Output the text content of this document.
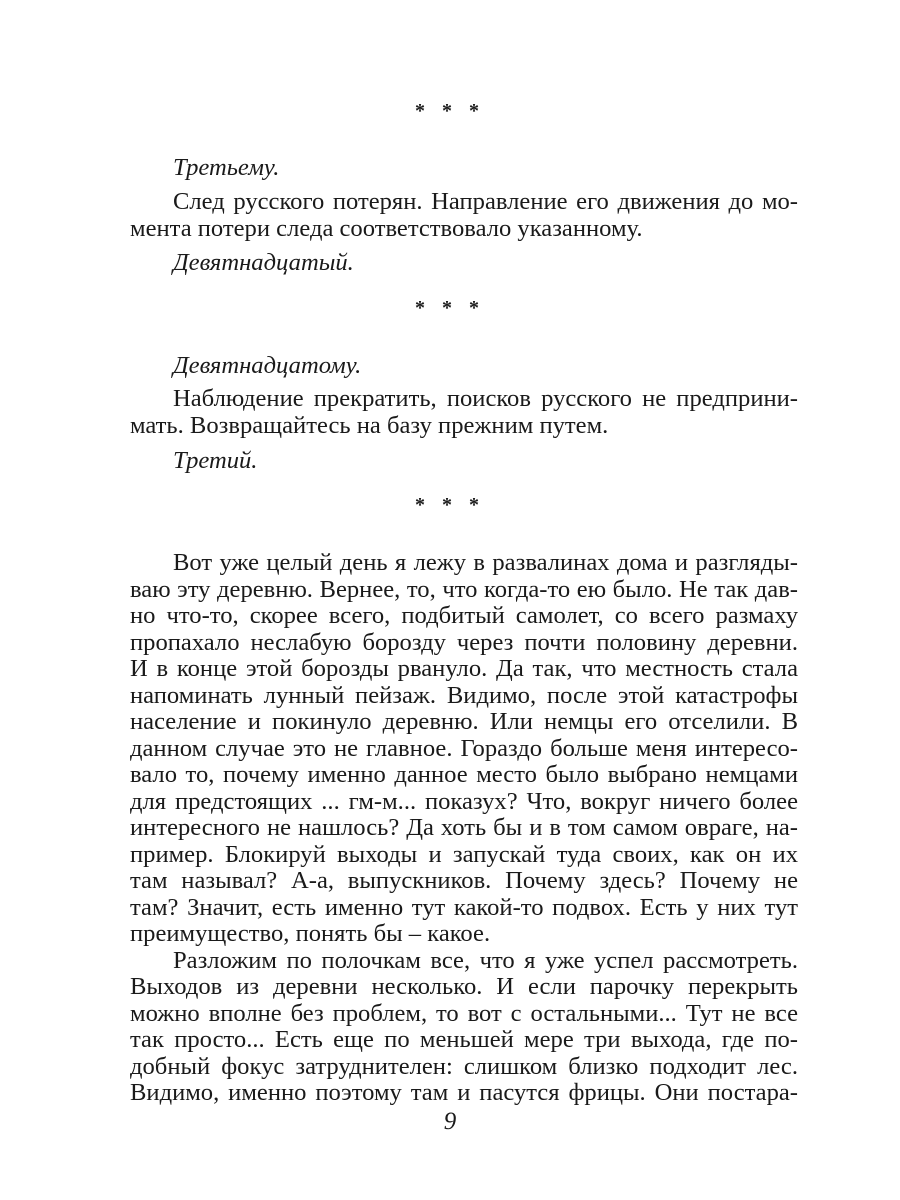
* * *
Третьему.
След русского потерян. Направление его движения до мо-
мента потери следа соответствовало указанному.
Девятнадцатый.
* * *
Девятнадцатому.
Наблюдение прекратить, поисков русского не предприни-
мать. Возвращайтесь на базу прежним путем.
Третий.
* * *
Вот уже целый день я лежу в развалинах дома и разгляды-
ваю эту деревню. Вернее, то, что когда-то ею было. Не так дав-
но что-то, скорее всего, подбитый самолет, со всего размаху
пропахало неслабую борозду через почти половину деревни.
И в конце этой борозды рвануло. Да так, что местность стала
напоминать лунный пейзаж. Видимо, после этой катастрофы
население и покинуло деревню. Или немцы его отселили. В
данном случае это не главное. Гораздо больше меня интересо-
вало то, почему именно данное место было выбрано немцами
для предстоящих ... гм-м... показух? Что, вокруг ничего более
интересного не нашлось? Да хоть бы и в том самом овраге, на-
пример. Блокируй выходы и запускай туда своих, как он их
там называл? А-а, выпускников. Почему здесь? Почему не
там? Значит, есть именно тут какой-то подвох. Есть у них тут
преимущество, понять бы – какое.
Разложим по полочкам все, что я уже успел рассмотреть.
Выходов из деревни несколько. И если парочку перекрыть
можно вполне без проблем, то вот с остальными... Тут не все
так просто... Есть еще по меньшей мере три выхода, где по-
добный фокус затруднителен: слишком близко подходит лес.
Видимо, именно поэтому там и пасутся фрицы. Они постара-
9
